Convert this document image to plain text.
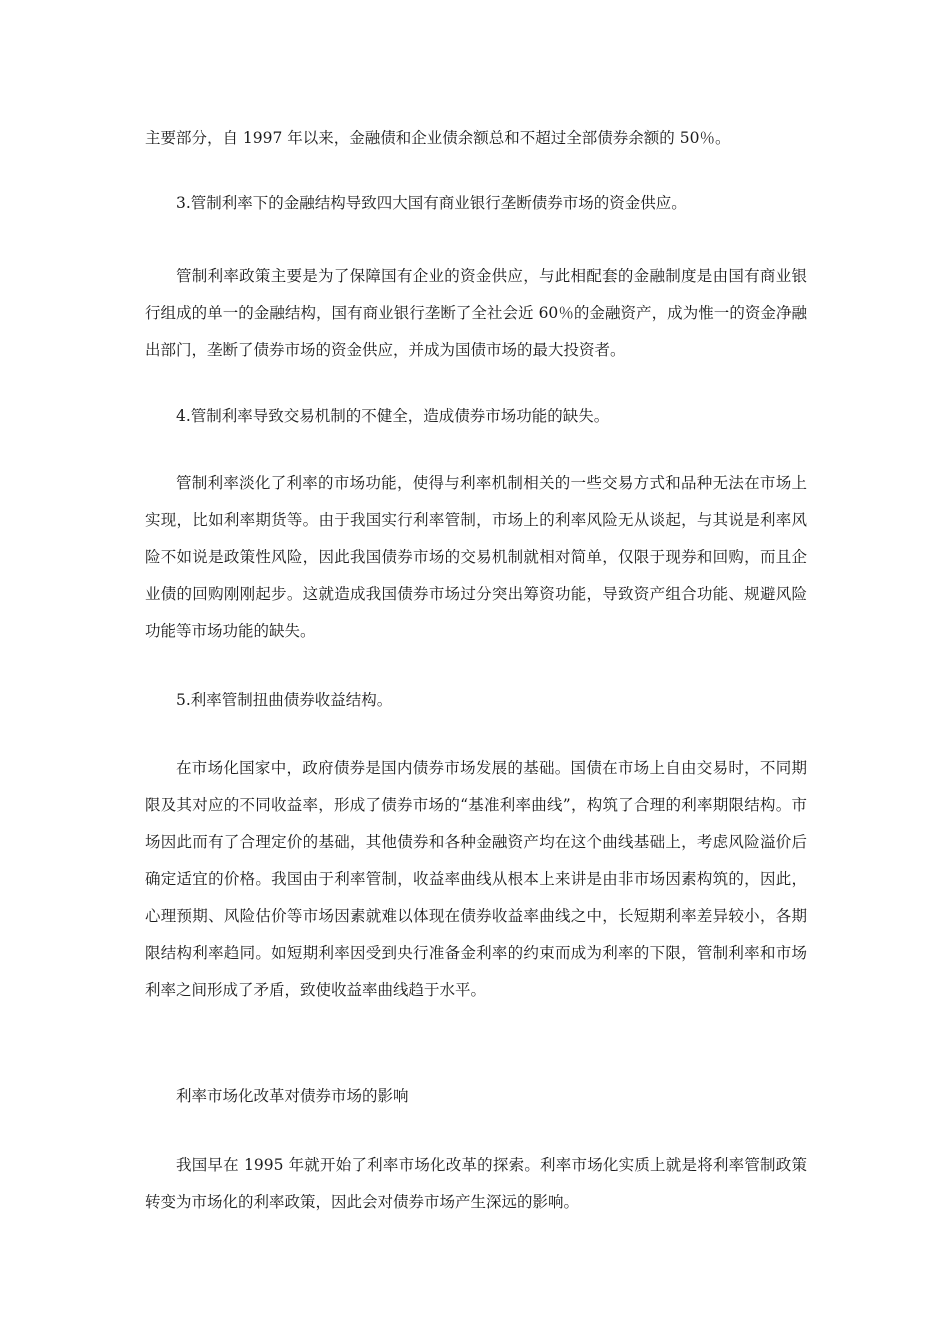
主要部分，自 1997 年以来，金融债和企业债余额总和不超过全部债券余额的 50％。

3.管制利率下的金融结构导致四大国有商业银行垄断债券市场的资金供应。

管制利率政策主要是为了保障国有企业的资金供应，与此相配套的金融制度是由国有商业银行组成的单一的金融结构，国有商业银行垄断了全社会近 60％的金融资产，成为惟一的资金净融出部门，垄断了债券市场的资金供应，并成为国债市场的最大投资者。

4.管制利率导致交易机制的不健全，造成债券市场功能的缺失。

管制利率淡化了利率的市场功能，使得与利率机制相关的一些交易方式和品种无法在市场上实现，比如利率期货等。由于我国实行利率管制，市场上的利率风险无从谈起，与其说是利率风险不如说是政策性风险，因此我国债券市场的交易机制就相对简单，仅限于现券和回购，而且企业债的回购刚刚起步。这就造成我国债券市场过分突出筹资功能，导致资产组合功能、规避风险功能等市场功能的缺失。

5.利率管制扭曲债券收益结构。

在市场化国家中，政府债券是国内债券市场发展的基础。国债在市场上自由交易时，不同期限及其对应的不同收益率，形成了债券市场的“基准利率曲线”，构筑了合理的利率期限结构。市场因此而有了合理定价的基础，其他债券和各种金融资产均在这个曲线基础上，考虑风险溢价后确定适宜的价格。我国由于利率管制，收益率曲线从根本上来讲是由非市场因素构筑的，因此，心理预期、风险估价等市场因素就难以体现在债券收益率曲线之中，长短期利率差异较小，各期限结构利率趋同。如短期利率因受到央行准备金利率的约束而成为利率的下限，管制利率和市场利率之间形成了矛盾，致使收益率曲线趋于水平。

利率市场化改革对债券市场的影响

我国早在 1995 年就开始了利率市场化改革的探索。利率市场化实质上就是将利率管制政策转变为市场化的利率政策，因此会对债券市场产生深远的影响。
